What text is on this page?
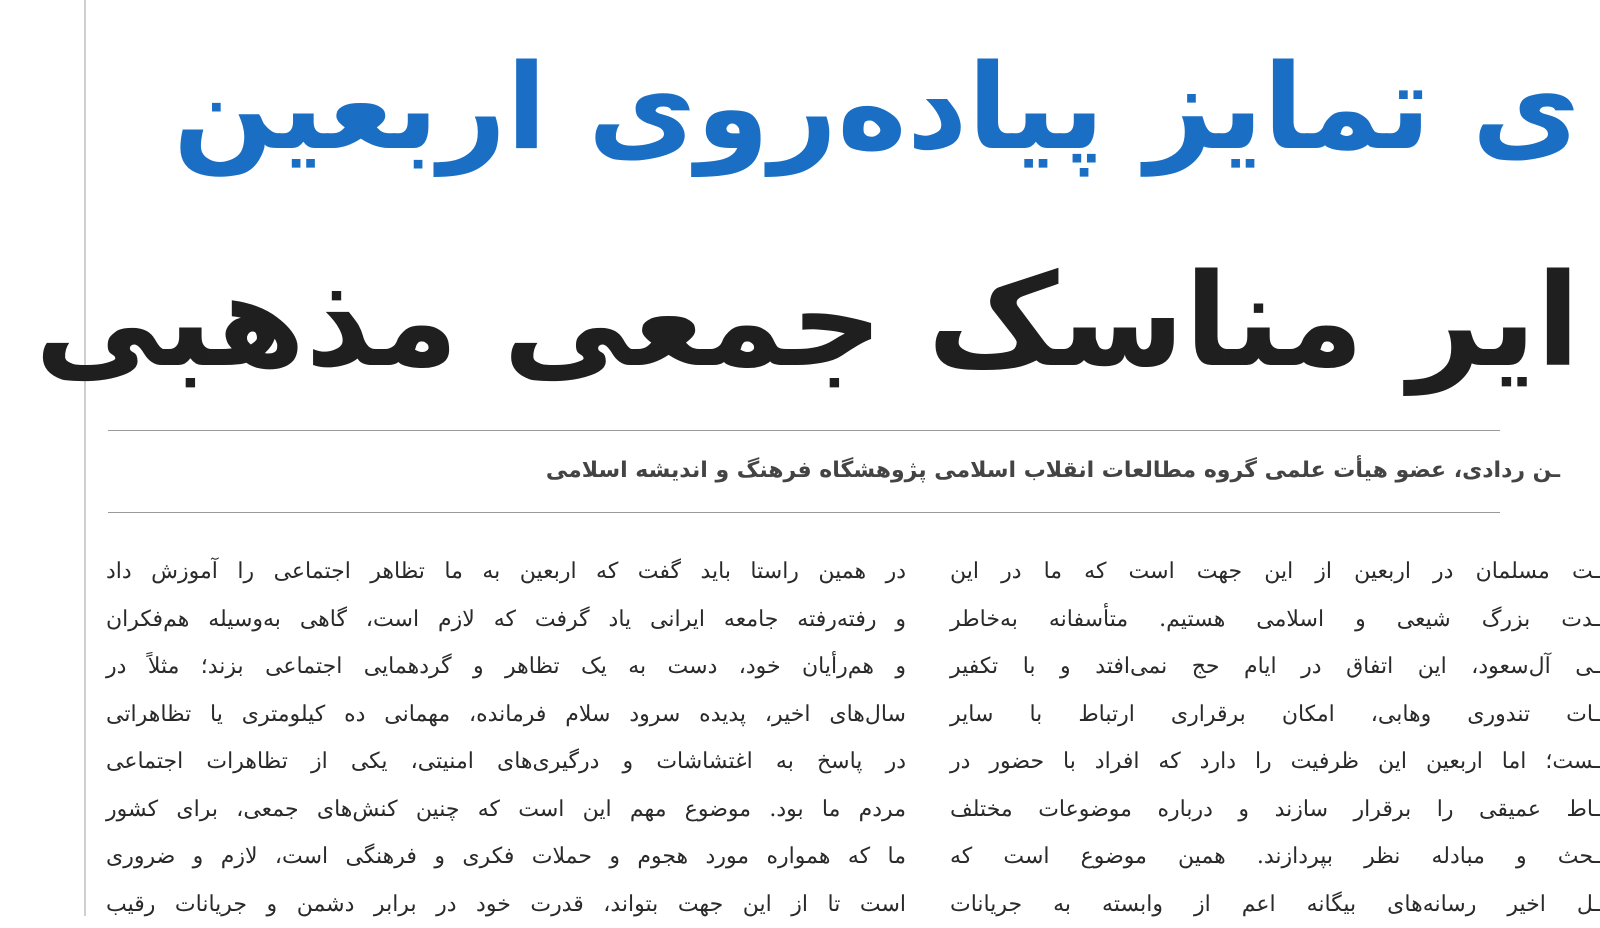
ی تمایز پیاده‌روی اربعین
ایر مناسک جمعی مذهبی
ـن ردادی، عضو هیأت علمی گروه مطالعات انقلاب اسلامی پژوهشگاه فرهنگ و اندیشه اسلامی
در همین راستا باید گفت که اربعین به ما تظاهر اجتماعی را آموزش داد
و رفته‌رفته جامعه ایرانی یاد گرفت که لازم است، گاهی به‌وسیله هم‌فکران
و هم‌رأیان خود، دست به یک تظاهر و گردهمایی اجتماعی بزند؛ مثلاً در
سال‌های اخیر، پدیده سرود سلام فرمانده، مهمانی ده کیلومتری یا تظاهراتی
در پاسخ به اغتشاشات و درگیری‌های امنیتی، یکی از تظاهرات اجتماعی
مردم ما بود. موضوع مهم این است که چنین کنش‌های جمعی، برای کشور
ما که همواره مورد هجوم و حملات فکری و فرهنگی است، لازم و ضروری
است تا از این جهت بتواند، قدرت خود در برابر دشمن و جریانات رقیب
ـت مسلمان در اربعین از این جهت است که ما در این
ـدت بزرگ شیعی و اسلامی هستیم. متأسفانه به‌خاطر
ـی آل‌سعود، این اتفاق در ایام حج نمی‌افتد و با تکفیر
ـات تندوری وهابی، امکان برقراری ارتباط با سایر
ـست؛ اما اربعین این ظرفیت را دارد که افراد با حضور در
ـاط عمیقی را برقرار سازند و درباره موضوعات مختلف
ـحث و مبادله نظر بپردازند. همین موضوع است که
ـل اخیر رسانه‌های بیگانه اعم از وابسته به جریانات
